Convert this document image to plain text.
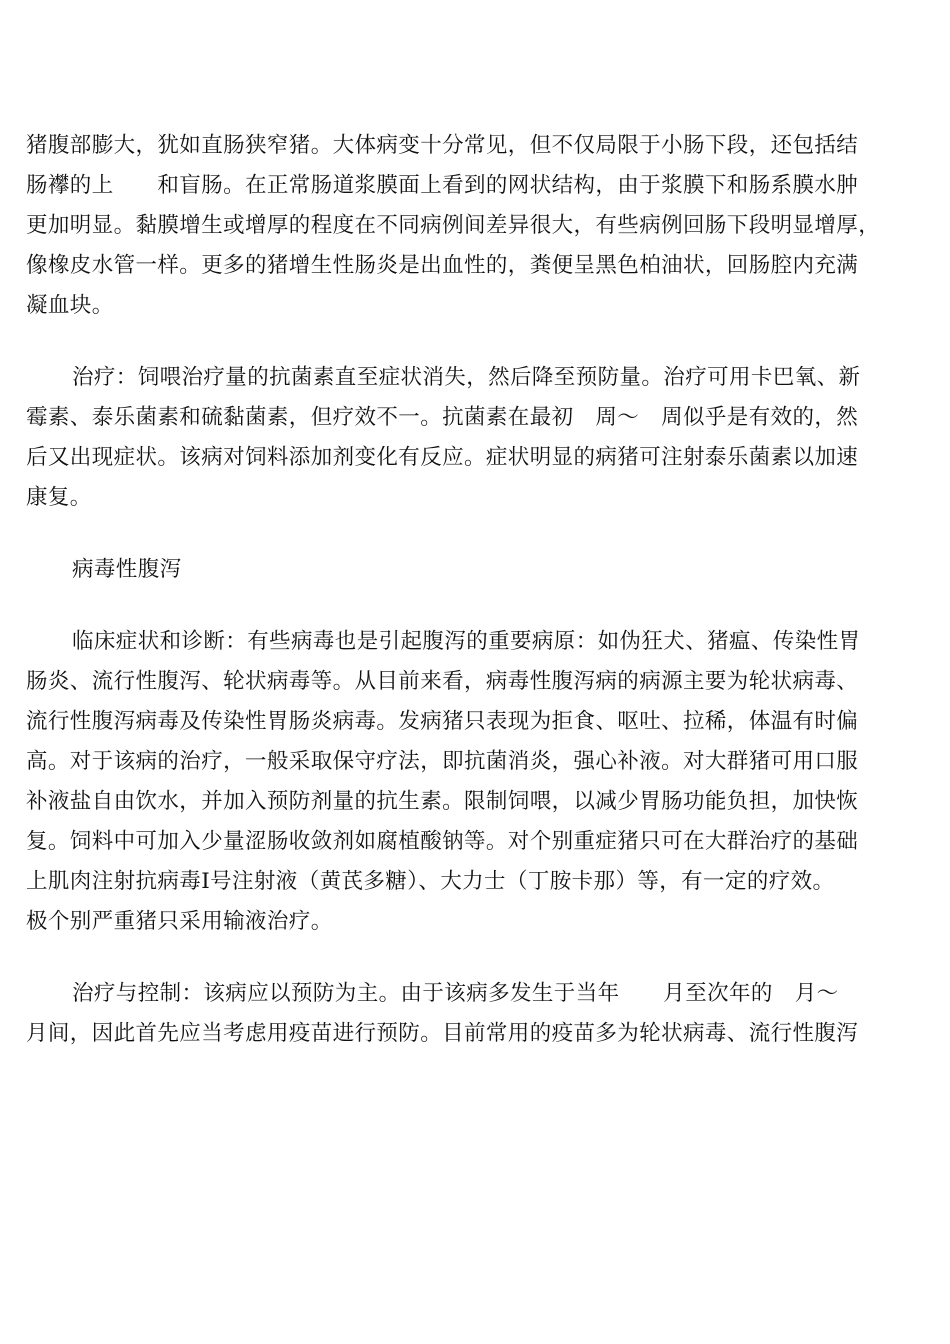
猪腹部膨大，犹如直肠狭窄猪。大体病变十分常见，但不仅局限于小肠下段，还包括结
肠襻的上　　和盲肠。在正常肠道浆膜面上看到的网状结构，由于浆膜下和肠系膜水肿
更加明显。黏膜增生或增厚的程度在不同病例间差异很大，有些病例回肠下段明显增厚，
像橡皮水管一样。更多的猪增生性肠炎是出血性的，粪便呈黑色柏油状，回肠腔内充满
凝血块。

治疗：饲喂治疗量的抗菌素直至症状消失，然后降至预防量。治疗可用卡巴氧、新
霉素、泰乐菌素和硫黏菌素，但疗效不一。抗菌素在最初　周～　周似乎是有效的，然
后又出现症状。该病对饲料添加剂变化有反应。症状明显的病猪可注射泰乐菌素以加速
康复。

病毒性腹泻

临床症状和诊断：有些病毒也是引起腹泻的重要病原：如伪狂犬、猪瘟、传染性胃
肠炎、流行性腹泻、轮状病毒等。从目前来看，病毒性腹泻病的病源主要为轮状病毒、
流行性腹泻病毒及传染性胃肠炎病毒。发病猪只表现为拒食、呕吐、拉稀，体温有时偏
高。对于该病的治疗，一般采取保守疗法，即抗菌消炎，强心补液。对大群猪可用口服
补液盐自由饮水，并加入预防剂量的抗生素。限制饲喂，以减少胃肠功能负担，加快恢
复。饲料中可加入少量涩肠收敛剂如腐植酸钠等。对个别重症猪只可在大群治疗的基础
上肌肉注射抗病毒Ⅰ号注射液（黄芪多糖）、大力士（丁胺卡那）等，有一定的疗效。
极个别严重猪只采用输液治疗。

治疗与控制：该病应以预防为主。由于该病多发生于当年　　月至次年的　月～
月间，因此首先应当考虑用疫苗进行预防。目前常用的疫苗多为轮状病毒、流行性腹泻
